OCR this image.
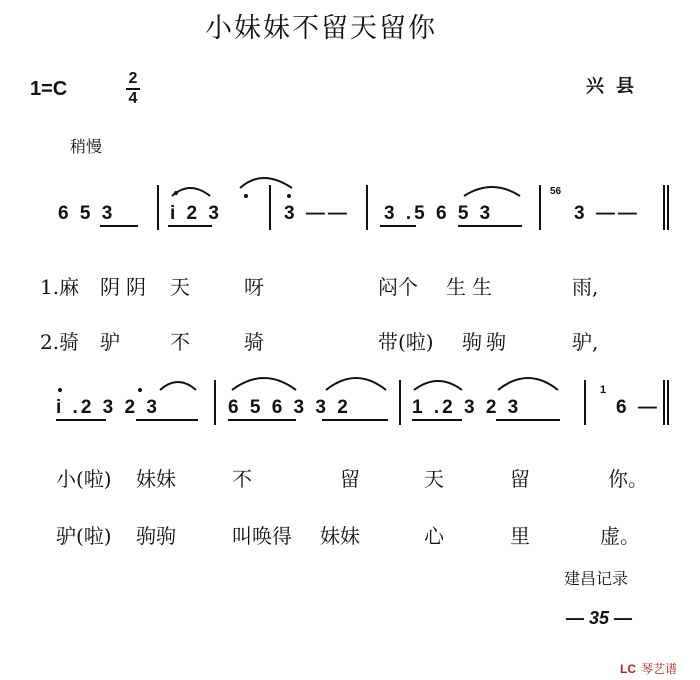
小妹妹不留天留你
1=C	2
4
兴县
稍慢
6 5 3	i 2 3	3 —— 3 .5 6 5 3
56
3 ——
1.麻 阴阴 天	呀	闷个 生生	雨,
2.骑 驴	不	骑	带(啦) 驹驹	驴,
i .2 3 2 3	6 5 6 3 3 2	1 .2 3 2 3
1
6 —
小(啦) 妹妹	不	留	天	留	你。
驴(啦) 驹驹	叫唤得 妹妹	心	里	虚。
建昌记录
— 35 —
LC 琴艺谱
